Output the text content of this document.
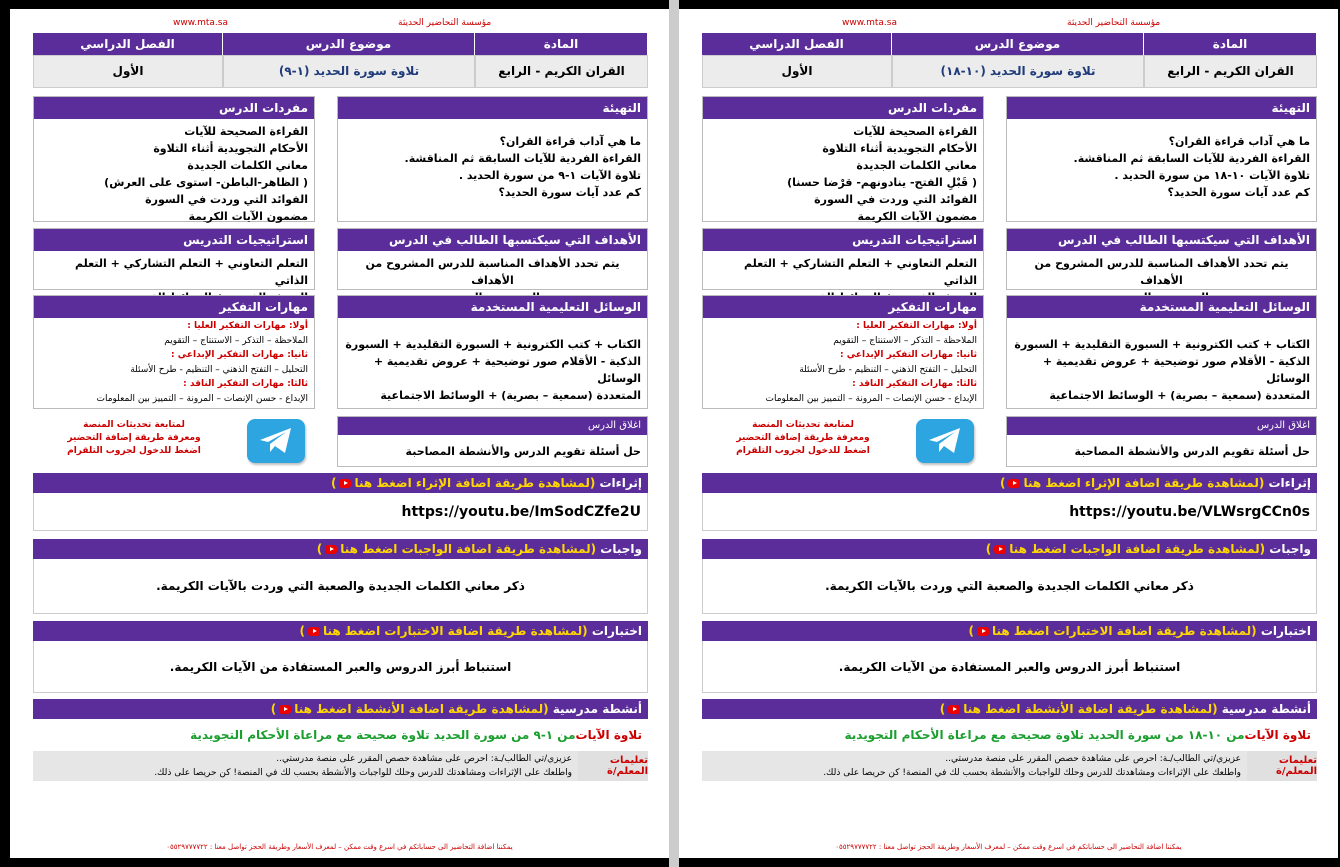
www.mta.sa	مؤسسة التحاضير الحديثة
الفصل الدراسي	موضوع الدرس	المادة
الأول	تلاوة سورة الحديد (١-٩)	القران الكريم - الرابع
مفردات الدرس
القراءة الصحيحة للآيات
الأحكام التجويدية أثناء التلاوة
معاني الكلمات الجديدة
( الظاهر-الباطن- استوى على العرش)
الفوائد التي وردت في السورة
مضمون الآيات الكريمة
التهيئة
ما هي آداب قراءة القران؟
القراءة الفردية للآيات السابقة ثم المناقشة.
تلاوة الآيات ١-٩ من سورة الحديد .
كم عدد آيات سورة الحديد؟
استراتيجيات التدريس
التعلم التعاوني + التعلم التشاركي + التعلم الذاتي
الأهداف التي سيكتسبها الطالب في الدرس
يتم تحدد الأهداف المناسبة للدرس المشروح من الأهداف
مهارات التفكير
أولا: مهارات التفكير العليا :
الملاحظة – التذكر – الاستنتاج – التقويم
ثانيا: مهارات التفكير الإبداعي :
التحليل – التفتح الذهني – التنظيم - طرح الأسئلة
ثالثا: مهارات التفكير الناقد :
الإبداع - حسن الإنصات – المرونة – التمييز بين المعلومات
الوسائل التعليمية المستخدمة
الكتاب + كتب الكترونية + السبورة التقليدية + السبورة
الذكية - الأقلام صور توضيحية + عروض تقديمية + الوسائل
المتعددة (سمعية – بصرية) + الوسائط الاجتماعية
لمتابعة تحديثات المنصة
ومعرفة طريقة إضافة التحضير
اضغط للدخول لجروب التلقرام
اغلاق الدرس
حل أسئلة تقويم الدرس والأنشطة المصاحبة
إثراءات (لمشاهدة طريقة اضافة الإثراء اضغط هنا)
https://youtu.be/ImSodCZfe2U
واجبات (لمشاهدة طريقة اضافة الواجبات اضغط هنا)
ذكر معاني الكلمات الجديدة والصعبة التي وردت بالآيات الكريمة.
اختبارات (لمشاهدة طريقة اضافة الاختبارات اضغط هنا)
استنباط أبرز الدروس والعبر المستفادة من الآيات الكريمة.
أنشطة مدرسية (لمشاهدة طريقة اضافة الأنشطة اضغط هنا)
تلاوة الآيات
من ١-٩ من سورة الحديد تلاوة صحيحة مع مراعاة الأحكام التجويدية
عزيزي/تي الطالب/ـة: احرص على مشاهدة حصص المقرر على منصة مدرستي..
واطلعك على الإثراءات ومشاهدتك للدرس وحلك للواجبات والأنشطة بحسب لك في المنصة! كن حريصا على ذلك.
تعليمات المعلم/ة
يمكننا اضافة التحاضير الى حساباتكم في اسرع وقت ممكن – لمعرف الأسعار وطريقة الحجز تواصل معنا : ٠٥٥٢٩٧٧٧٧٢٢
www.mta.sa	مؤسسة التحاضير الحديثة
الفصل الدراسي	موضوع الدرس	المادة
الأول	تلاوة سورة الحديد (١٠-١٨)	القران الكريم - الرابع
مفردات الدرس
القراءة الصحيحة للآيات
الأحكام التجويدية أثناء التلاوة
معاني الكلمات الجديدة
( قَبْلِ الفتح- ينادونهم- قرْضا حسنا)
الفوائد التي وردت في السورة
مضمون الآيات الكريمة
التهيئة
ما هي آداب قراءة القران؟
القراءة الفردية للآيات السابقة ثم المناقشة.
تلاوة الآيات ١٠-١٨ من سورة الحديد .
كم عدد آيات سورة الحديد؟
استراتيجيات التدريس
التعلم التعاوني + التعلم التشاركي + التعلم الذاتي
الأهداف التي سيكتسبها الطالب في الدرس
يتم تحدد الأهداف المناسبة للدرس المشروح من الأهداف
مهارات التفكير
أولا: مهارات التفكير العليا :
الملاحظة – التذكر – الاستنتاج – التقويم
ثانيا: مهارات التفكير الإبداعي :
التحليل – التفتح الذهني – التنظيم - طرح الأسئلة
ثالثا: مهارات التفكير الناقد :
الإبداع - حسن الإنصات – المرونة – التمييز بين المعلومات
الوسائل التعليمية المستخدمة
الكتاب + كتب الكترونية + السبورة التقليدية + السبورة
الذكية - الأقلام صور توضيحية + عروض تقديمية + الوسائل
المتعددة (سمعية – بصرية) + الوسائط الاجتماعية
لمتابعة تحديثات المنصة
ومعرفة طريقة إضافة التحضير
اضغط للدخول لجروب التلقرام
اغلاق الدرس
حل أسئلة تقويم الدرس والأنشطة المصاحبة
إثراءات (لمشاهدة طريقة اضافة الإثراء اضغط هنا)
https://youtu.be/VLWsrgCCn0s
واجبات (لمشاهدة طريقة اضافة الواجبات اضغط هنا)
ذكر معاني الكلمات الجديدة والصعبة التي وردت بالآيات الكريمة.
اختبارات (لمشاهدة طريقة اضافة الاختبارات اضغط هنا)
استنباط أبرز الدروس والعبر المستفادة من الآيات الكريمة.
أنشطة مدرسية (لمشاهدة طريقة اضافة الأنشطة اضغط هنا)
تلاوة الآيات
من ١٠-١٨ من سورة الحديد تلاوة صحيحة مع مراعاة الأحكام التجويدية
عزيزي/تي الطالب/ـة: احرص على مشاهدة حصص المقرر على منصة مدرستي..
واطلعك على الإثراءات ومشاهدتك للدرس وحلك للواجبات والأنشطة بحسب لك في المنصة! كن حريصا على ذلك.
تعليمات المعلم/ة
يمكننا اضافة التحاضير الى حساباتكم في اسرع وقت ممكن – لمعرف الأسعار وطريقة الحجز تواصل معنا : ٠٥٥٢٩٧٧٧٧٢٢
